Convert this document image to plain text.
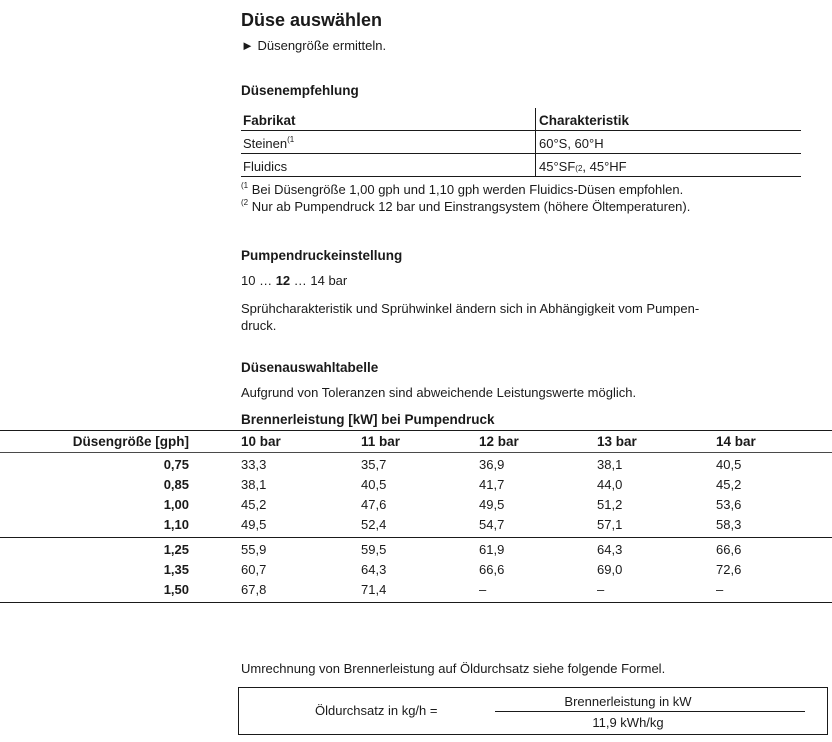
Düse auswählen
► Düsengröße ermitteln.
Düsenempfehlung
Fabrikat	Charakteristik
Steinen$^{(1}$	60°S, 60°H
Fluidics	45°SF$^{(2}$ , 45°HF
$^{(1}$ Bei Düsengröße 1,00 gph und 1,10 gph werden Fluidics-Düsen empfohlen.
$^{(2}$ Nur ab Pumpendruck 12 bar und Einstrangsystem (höhere Öltemperaturen).
Pumpendruckeinstellung
10 … 12 … 14 bar
Sprühcharakteristik und Sprühwinkel ändern sich in Abhängigkeit vom Pumpen-
druck.
Düsenauswahltabelle
Aufgrund von Toleranzen sind abweichende Leistungswerte möglich.
Brennerleistung [kW] bei Pumpendruck
Düsengröße [gph]	10 bar	11 bar	12 bar	13 bar	14 bar
0,75	33,3	35,7	36,9	38,1	40,5
0,85	38,1	40,5	41,7	44,0	45,2
1,00	45,2	47,6	49,5	51,2	53,6
1,10	49,5	52,4	54,7	57,1	58,3
1,25	55,9	59,5	61,9	64,3	66,6
1,35	60,7	64,3	66,6	69,0	72,6
1,50	67,8	71,4	–	–	–
Umrechnung von Brennerleistung auf Öldurchsatz siehe folgende Formel.
Öldurchsatz in kg/h =
Brennerleistung in kW
11,9 kWh/kg
